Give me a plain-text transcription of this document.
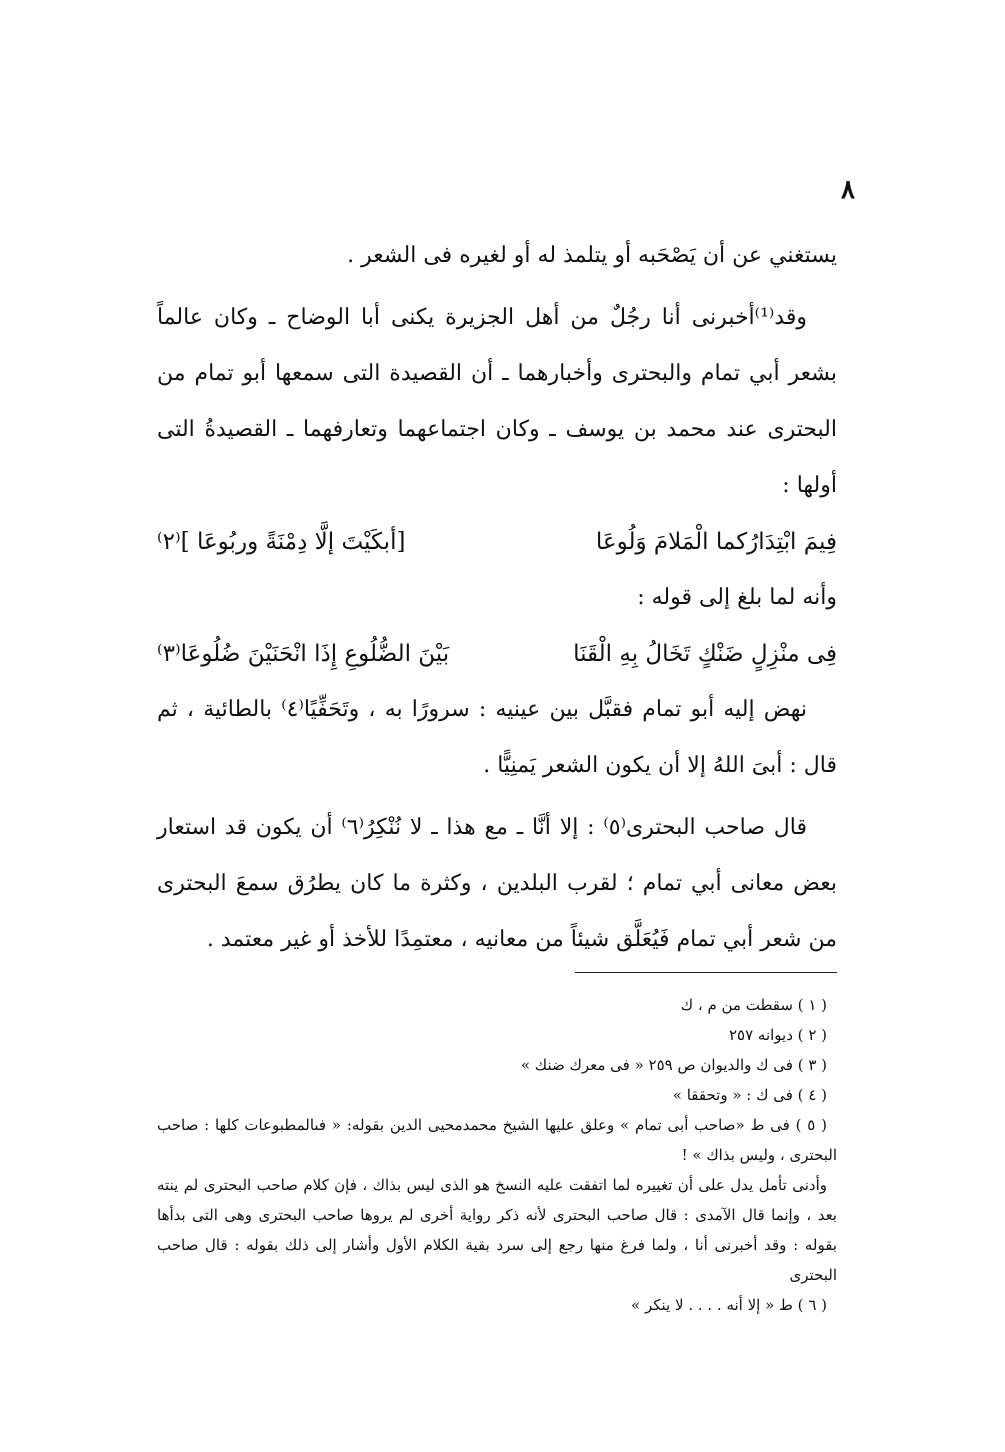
٨

يستغني عن أن يَصْحَبه أو يتلمذ له أو لغيره فى الشعر .

وقد⁽¹⁾أخبرنى أنا رجُلٌ من أهل الجزيرة يكنى أبا الوضاح ـ وكان عالماً بشعر أبي تمام والبحترى وأخبارهما ـ أن القصيدة التى سمعها أبو تمام من البحترى عند محمد بن يوسف ـ وكان اجتماعهما وتعارفهما ـ القصيدةُ التى أولها :

فِيمَ ابْتِدَارُكما الْمَلامَ وَلُوعَا
[أبكَيْتَ إلَّا دِمْنَةً وربُوعَا ]⁽٢⁾

وأنه لما بلغ إلى قوله :

فِى منْزِلٍ ضَنْكٍ تَخَالُ بِهِ الْقَنَا
بَيْنَ الضُّلُوعِ إِذَا انْحَنَيْنَ ضُلُوعَا⁽٣⁾

نهض إليه أبو تمام فقبَّل بين عينيه : سرورًا به ، وتَحَفِّيًا⁽٤⁾ بالطائية ، ثم قال : أبىَ اللهُ إلا أن يكون الشعر يَمنِيًّا .

قال صاحب البحترى⁽٥⁾ : إلا أنَّا ـ مع هذا ـ لا نُنْكِرُ⁽٦⁾ أن يكون قد استعار بعض معانى أبي تمام ؛ لقرب البلدين ، وكثرة ما كان يطرُق سمعَ البحترى من شعر أبي تمام فَيُعَلَّق شيئاً من معانيه ، معتمِدًا للأخذ أو غير معتمد .

( ١ ) سقطت من م ، ك

( ٢ ) ديوانه ٢٥٧

( ٣ ) فى ك والديوان ص ٢٥٩ « فى معرك ضنك »

( ٤ ) فى ك : « وتحققا »

( ٥ ) فى ط «صاحب أبى تمام » وعلق عليها الشيخ محمدمحيى الدين بقوله: « فىالمطبوعات كلها : صاحب البحترى ، وليس بذاك » !

وأدنى تأمل يدل على أن تغييره لما اتفقت عليه النسخ هو الذى ليس بذاك ، فإن كلام صاحب البحترى لم ينته بعد ، وإنما قال الآمدى : قال صاحب البحترى لأنه ذكر رواية أخرى لم يروها صاحب البحترى وهى التى بدأها بقوله : وقد أخبرنى أنا ، ولما فرغ منها رجع إلى سرد بقية الكلام الأول وأشار إلى ذلك بقوله : قال صاحب البحترى

( ٦ ) ط « إلا أنه . . . . لا ينكر »
